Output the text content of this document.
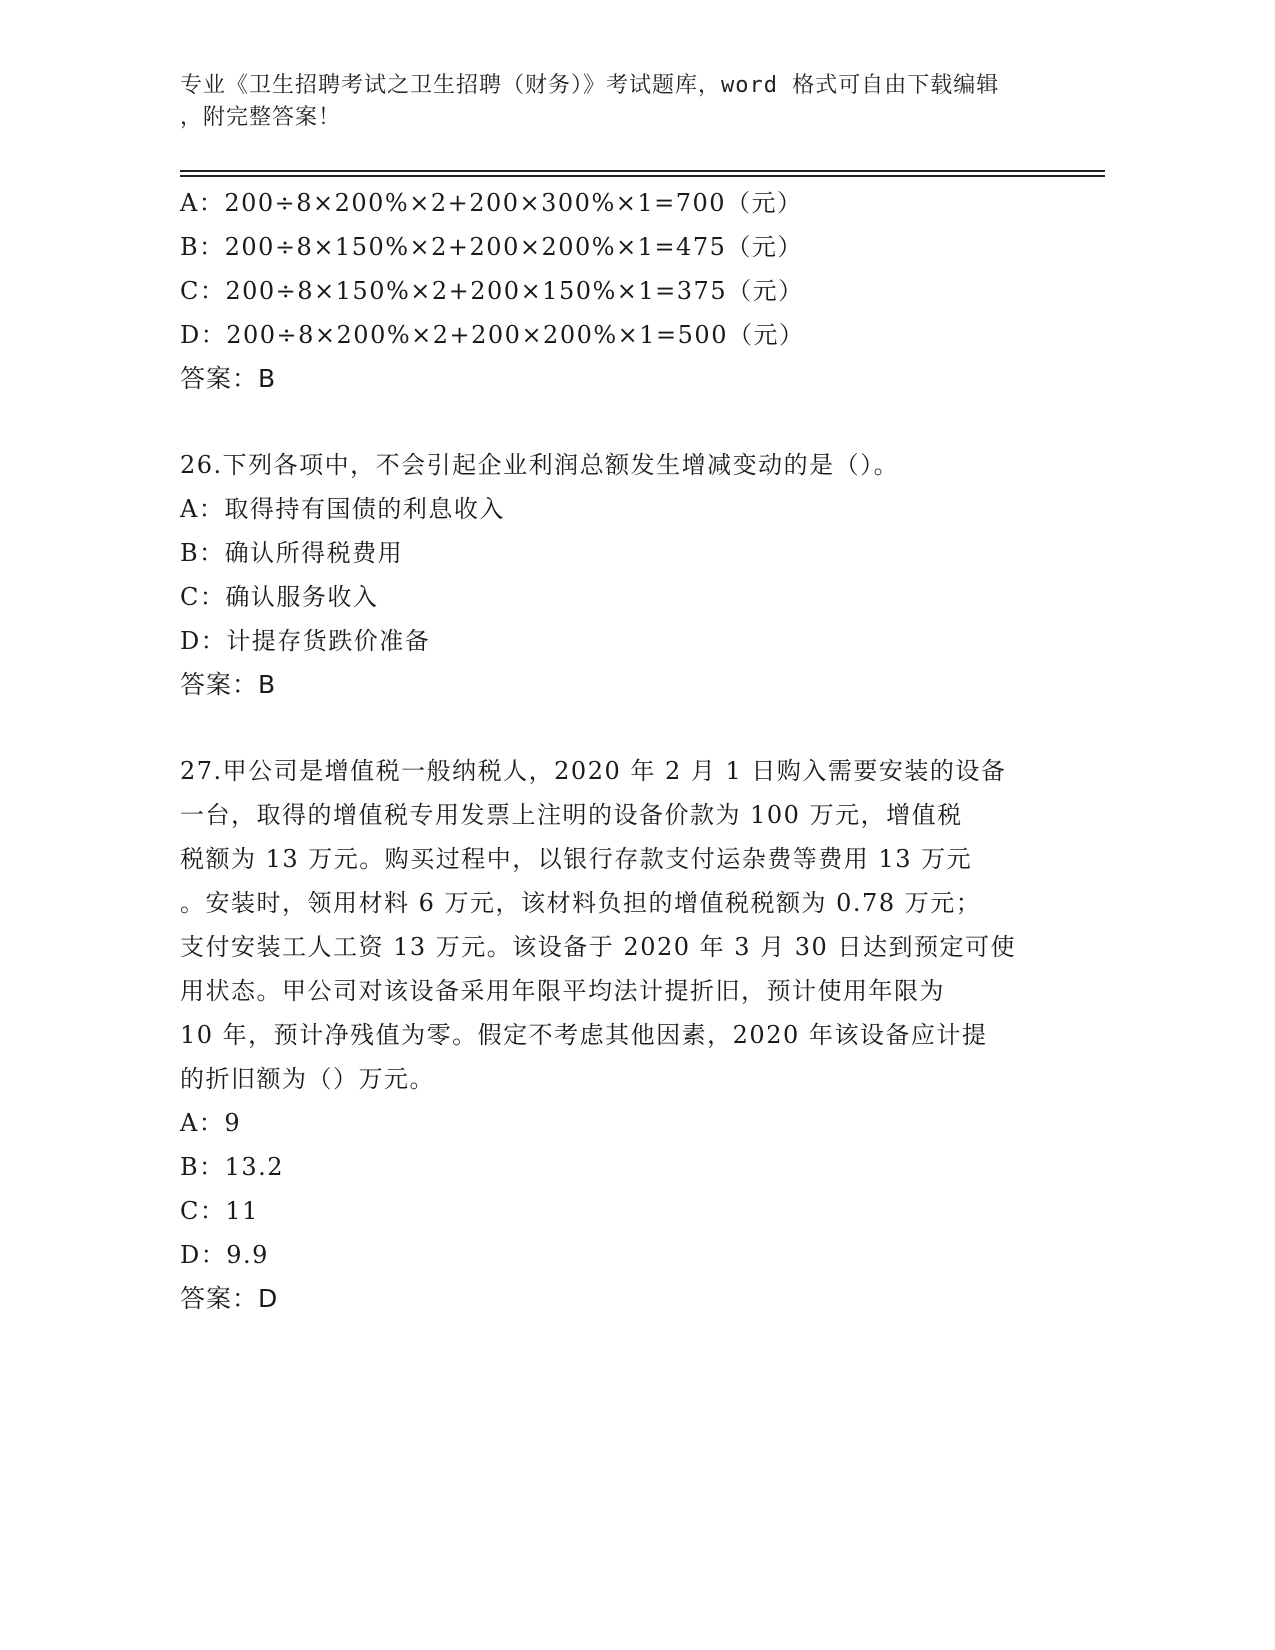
专业《卫生招聘考试之卫生招聘（财务）》考试题库，word 格式可自由下载编辑
，附完整答案！
A：200÷8×200%×2+200×300%×1=700（元）
B：200÷8×150%×2+200×200%×1=475（元）
C：200÷8×150%×2+200×150%×1=375（元）
D：200÷8×200%×2+200×200%×1=500（元）
答案：B
26.下列各项中，不会引起企业利润总额发生增减变动的是（）。
A：取得持有国债的利息收入
B：确认所得税费用
C：确认服务收入
D：计提存货跌价准备
答案：B
27.甲公司是增值税一般纳税人，2020 年 2 月 1 日购入需要安装的设备
一台，取得的增值税专用发票上注明的设备价款为 100 万元，增值税
税额为 13 万元。购买过程中，以银行存款支付运杂费等费用 13 万元
。安装时，领用材料 6 万元，该材料负担的增值税税额为 0.78 万元；
支付安装工人工资 13 万元。该设备于 2020 年 3 月 30 日达到预定可使
用状态。甲公司对该设备采用年限平均法计提折旧，预计使用年限为
10 年，预计净残值为零。假定不考虑其他因素，2020 年该设备应计提
的折旧额为（）万元。
A：9
B：13.2
C：11
D：9.9
答案：D
